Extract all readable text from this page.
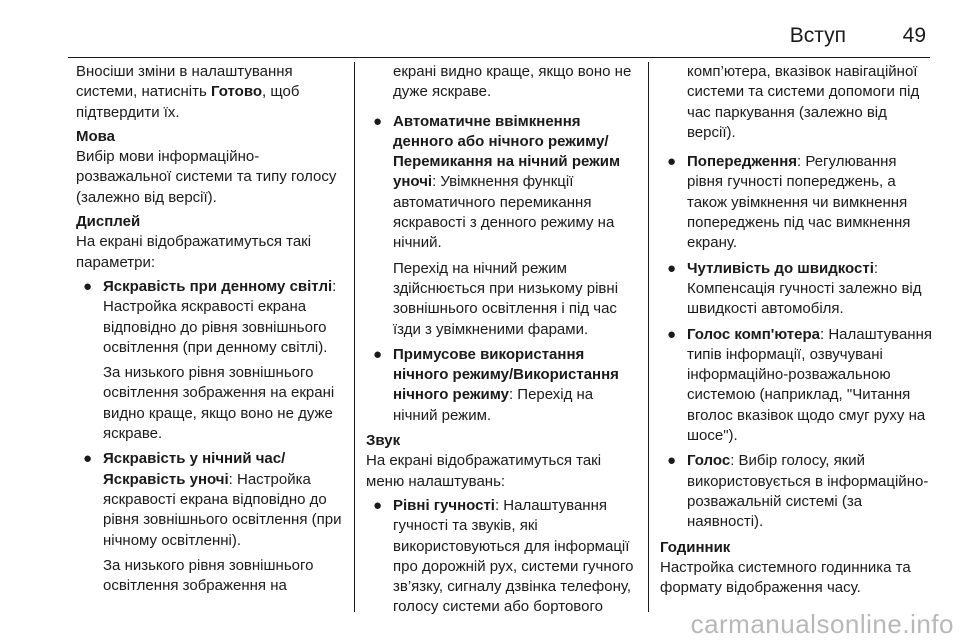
Вступ	49

Вносіши зміни в налаштування системи, натисніть Готово, щоб підтвердити їх.

Мова

Вибір мови інформаційно-розважальної системи та типу голосу (залежно від версії).

Дисплей

На екрані відображатимуться такі параметри:

● Яскравість при денному світлі: Настройка яскравості екрана відповідно до рівня зовнішнього освітлення (при денному світлі).

За низького рівня зовнішнього освітлення зображення на екрані видно краще, якщо воно не дуже яскраве.

● Яскравість у нічний час/ Яскравість уночі: Настройка яскравості екрана відповідно до рівня зовнішнього освітлення (при нічному освітленні).

За низького рівня зовнішнього освітлення зображення на

екрані видно краще, якщо воно не дуже яскраве.
● Автоматичне ввімкнення денного або нічного режиму/ Перемикання на нічний режим уночі: Увімкнення функції автоматичного перемикання яскравості з денного режиму на нічний.

Перехід на нічний режим здійснюється при низькому рівні зовнішнього освітлення і під час їзди з увімкненими фарами.

● Примусове використання нічного режиму/Використання нічного режиму: Перехід на нічний режим.

Звук

На екрані відображатимуться такі меню налаштувань:

● Рівні гучності: Налаштування гучності та звуків, які використовуються для інформації про дорожній рух, системи гучного зв’язку, сигналу дзвінка телефону, голосу системи або бортового
комп’ютера, вказівок навігаційної системи та системи допомоги під час паркування (залежно від версії).
● Попередження: Регулювання рівня гучності попереджень, а також увімкнення чи вимкнення попереджень під час вимкнення екрану.
● Чутливість до швидкості: Компенсація гучності залежно від швидкості автомобіля.
● Голос комп'ютера: Налаштування типів інформації, озвучувані інформаційно-розважальною системою (наприклад, "Читання вголос вказівок щодо смуг руху на шосе").
● Голос: Вибір голосу, який використовується в інформаційно-розважальній системі (за наявності).

Годинник

Настройка системного годинника та формату відображення часу.

carmanualsonline.info
